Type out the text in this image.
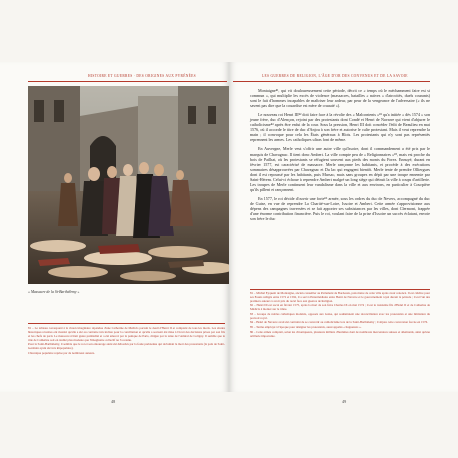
HISTOIRE ET GUERRES · DES ORIGINES AUX PYRÉNÉES	LES GUERRES DE RELIGION, L'ÂGE D'OR DES CONVENUS ET DE LA SAVOIE
« Massacre de la St-Barthélemy »

81 – Le tableau correspond à la vision imaginaire répandue d'une Catherine de Médicis portant le deuil d'Henri II et comptant de tous les morts. Les études historiques récentes ont montré qu'elle a été au contraire très incitée pour la conciliation et qu'elle a souvent été mise à l'écart des décisions prises par son fils et les chefs de parti. Le massacre n'était guère prémédité et a été amorcé par la panique de Paris, dirigée par la tante de l'Amiral de Coligny. Il semble que le rôle de Catherine soit en réalité plus modeste que l'imaginaire collectif ne l'a retenu.

Pour la Saint-Barthélemy, il semble que le roi et son entourage aient été débordés par la foule parisienne qui réclamait la mort des protestants (la paix de Saint-Germain ayant été très impopulaire).

Chronique populaire reprise par de nombreux auteurs.

Montaigne⁸¹, qui vit douloureusement cette période, décrit ce « temps où le méchamment faire est si commun », qui multiplie les excès de violence (massacres, batailles « naïves » d'atrocités, duels courants) sont le fait d'hommes incapables de maîtriser leur ardeur, par peur de la vengeance de l'adversaire (« ils ne savent pas dire que la couardise est mère de cruauté »).

Le nouveau roi Henri III⁸² doit faire face à la révolte des « Malcontents »⁸³ qu'a initiée « dès 1574 » son jeune frère, duc d'Alençon, rejoint par des protestants dont Condé et Henri de Navarre qui vient d'abjurer le catholicisme⁸⁴ après être enfui de la cour. Sous la pression, Henri III doit concéder l'édit de Beaulieu en mai 1576, où il accorde le titre de duc d'Anjou à son frère et autorise le culte protestant. Mais il veut reprendre la main ; il convoque pour cela les États généraux à Blois. Les protestants qui n'y sont pas représentés reprennent les armes. Les catholiques ultras font de même.

En Auvergne, Merle veut s'offrir une autre ville qu'Issoire, dont il commandement a été pris par le marquis de Chavagnac. Il tient donc Ambert. La ville compte peu de « Religionnaires »⁸⁵, mais est proche du bois de Pailhat, où les protestants se réfugient souvent aux pieds des monts du Forez. Ennuyé, durant en février 1577, est caractérisé de massacre. Merle rançonne les habitants, et procède à des exécutions sommaires désapprouvées par Chavagnac et Du lac qui engagent bientôt. Merle tente de prendre Olliergues dont il est repoussé par les habitants, puis Marsac, mais sans groupes en dépit par une troupe ennemie par Saint-Hérem. Celui-ci échoue à reprendre Ambert malgré un long siège qui détruit la ville à coups d'artillerie. Les troupes de Merle continuent leur vandalisme dans la ville et aux environs, en particulier à Courpière qu'ils pillent et rançonnent.

En 1577, le roi décide d'ouvrir une forte⁸⁶ armée, sous les ordres du duc de Nevers, accompagné du duc de Guise, en vue de reprendre La Charité-sur-Loire, Issoire et Ambert. Cette armée s'approvisionne aux dépens des campagnes traversées et se fait apporter ses subsistances par les villes, dont Clermont, frappée d'une énorme contribution financière. Puis le roi, voulant faire de la prise d'Issoire un succès éclatant, envoie son frère le duc

81 – Michel Eyquem de Montaigne, ancien conseiller au Parlement de Bordeaux, puis maire de cette ville après avoir renoncé. Il est célèbre pour ses Essais rédigés entre 1572 et 1592, il a servi d'intermédiaire entre Henri de Navarre et le gouvernement royal durant la période ; il est l'un des premiers auteurs à avoir pris du recul face aux guerres de Religion.

82 – Henri III est sacré en février 1575, après la mort de son frère Charles IX en mai 1574 ; il est le troisième fils d'Henri II et de Catherine de Médicis à monter sur le trône.

83 – Groupe de nobles catholiques modérés, opposés aux Guise, qui souhaitaient une réconciliation avec les protestants et une limitation du pouvoir royal.

84 – Henri de Navarre avait été contraint de se convertir au catholicisme lors de la Saint-Barthélemy ; il abjure cette conversion forcée en 1576.

85 – Terme employé à l'époque pour désigner les protestants, aussi appelés « huguenots ».

86 – Cette armée comptait, selon les chroniqueurs, plusieurs milliers d'hommes dont de nombreux mercenaires suisses et allemands, ainsi qu'une artillerie importante.

48	49
